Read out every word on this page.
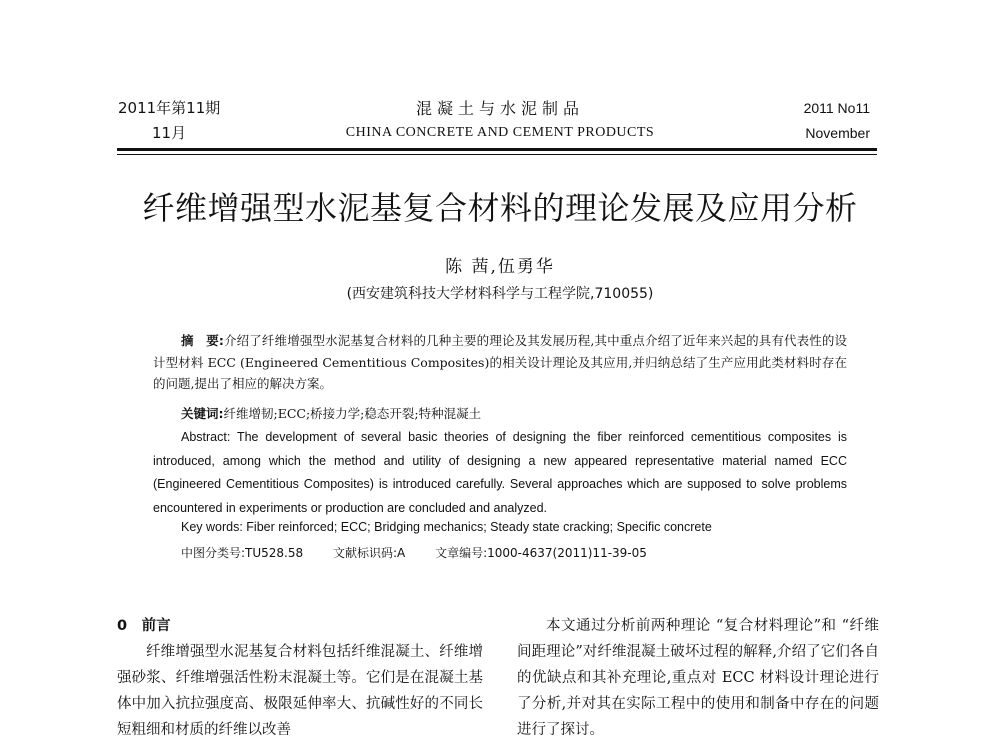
2011年第11期
11月
混凝土与水泥制品
CHINA CONCRETE AND CEMENT PRODUCTS
2011 No11
November
纤维增强型水泥基复合材料的理论发展及应用分析
陈 茜,伍勇华
(西安建筑科技大学材料科学与工程学院,710055)
摘　要:介绍了纤维增强型水泥基复合材料的几种主要的理论及其发展历程,其中重点介绍了近年来兴起的具有代表性的设计型材料 ECC (Engineered Cementitious Composites)的相关设计理论及其应用,并归纳总结了生产应用此类材料时存在的问题,提出了相应的解决方案。
关键词:纤维增韧;ECC;桥接力学;稳态开裂;特种混凝土
Abstract: The development of several basic theories of designing the fiber reinforced cementitious composites is introduced, among which the method and utility of designing a new appeared representative material named ECC (Engineered Cementitious Composites) is introduced carefully. Several approaches which are supposed to solve problems encountered in experiments or production are concluded and analyzed.
Key words: Fiber reinforced; ECC; Bridging mechanics; Steady state cracking; Specific concrete
中图分类号:TU528.58 文献标识码:A 文章编号:1000-4637(2011)11-39-05
0　前言

纤维增强型水泥基复合材料包括纤维混凝土、纤维增强砂浆、纤维增强活性粉末混凝土等。它们是在混凝土基体中加入抗拉强度高、极限延伸率大、抗碱性好的不同长短粗细和材质的纤维以改善

本文通过分析前两种理论 “复合材料理论”和 “纤维间距理论”对纤维混凝土破坏过程的解释,介绍了它们各自的优缺点和其补充理论,重点对 ECC 材料设计理论进行了分析,并对其在实际工程中的使用和制备中存在的问题进行了探讨。
